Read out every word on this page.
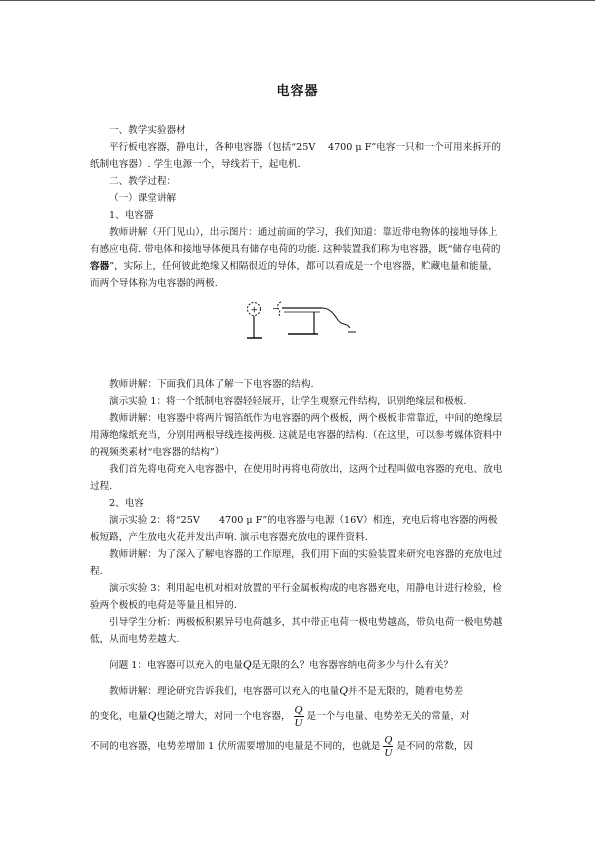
电容器

一、教学实验器材

平行板电容器，静电计，各种电容器（包括“25V　 4700 μ F”电容一只和一个可用来拆开的纸制电容器）. 学生电源一个，导线若干，起电机.

二、教学过程：

（一）课堂讲解

1、电容器

教师讲解（开门见山），出示图片：通过前面的学习，我们知道：靠近带电物体的接地导体上有感应电荷. 带电体和接地导体便具有储存电荷的功能. 这种装置我们称为电容器，既“储存电荷的容器”，实际上，任何彼此绝缘又相隔很近的导体，都可以看成是一个电容器，贮藏电量和能量，而两个导体称为电容器的两极.

+ −

教师讲解：下面我们具体了解一下电容器的结构.

演示实验 1：将一个纸制电容器轻轻展开，让学生观察元件结构，识别绝缘层和极板.

教师讲解：电容器中将两片锡箔纸作为电容器的两个极板，两个极板非常靠近，中间的绝缘层用薄绝缘纸充当，分别用两根导线连接两极. 这就是电容器的结构.（在这里，可以参考媒体资料中的视频类素材“电容器的结构”）

我们首先将电荷充入电容器中，在使用时再将电荷放出，这两个过程叫做电容器的充电、放电过程.

2、电容

演示实验 2：将“25V　　4700 μ F”的电容器与电源（16V）相连，充电后将电容器的两极板短路，产生放电火花并发出声响. 演示电容器充放电的课件资料.

教师讲解：为了深入了解电容器的工作原理，我们用下面的实验装置来研究电容器的充放电过程.

演示实验 3：利用起电机对相对放置的平行金属板构成的电容器充电，用静电计进行检验，检验两个极板的电荷是等量且相异的.

引导学生分析：两极板积累异号电荷越多，其中带正电荷一极电势越高，带负电荷一极电势越低，从而电势差越大.

问题 1：电容器可以充入的电量Q是无限的么？电容器容纳电荷多少与什么有关？

教师讲解：理论研究告诉我们，电容器可以充入的电量Q并不是无限的，随着电势差

的变化，电量Q也随之增大，对同一个电容器， $\frac{Q}{U}$ 是一个与电量、电势差无关的常量，对

不同的电容器，电势差增加 1 伏所需要增加的电量是不同的，也就是 $\frac{Q}{U}$ 是不同的常数，因
